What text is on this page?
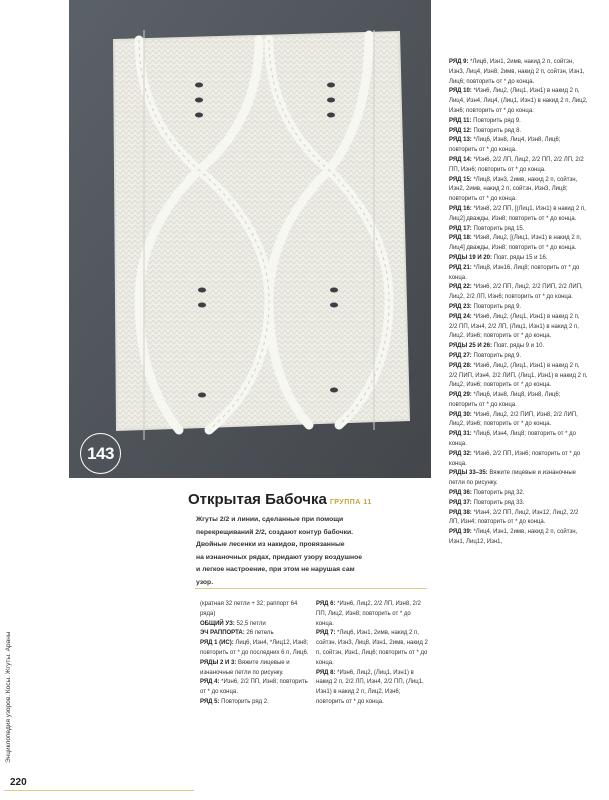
143
Открытая Бабочка ГРУППА 11

Жгуты 2/2 и линии, сделанные при помощи

перекрещиваний 2/2, создают контур бабочки.

Двойные лесенки из накидов, провязанные

на изнаночных рядах, придают узору воздушное

и легкое настроение, при этом не нарушая сам

узор.

(кратная 32 петли + 32; раппорт 64 ряда)
ОБЩИЙ УЗ: 52,5 петли
ЭЧ РАППОРТА: 26 петель
РЯД 1 (ИС): Лиц6, Изн4, *Лиц12, Изн8; повторить от * до последних 6 п, Лиц6.
РЯДЫ 2 И 3: Вяжите лицевые и изнаночные петли по рисунку.
РЯД 4: *Изн6, 2/2 ПП, Изн8; повторить от * до конца.
РЯД 5: Повторить ряд 2.
РЯД 6: *Изн6, Лиц2, 2/2 ЛП, Изн8, 2/2 ПП, Лиц2, Изн8; повторить от * до конца.
РЯД 7: *Лиц6, Изн1, 2имв, накид 2 п, сойтзн, Изн3, Лиц8, Изн1, 2имв, накид 2 п, сойтзн, Изн1, Лиц6; повторить от * до конца.
РЯД 8: *Изн6, Лиц2, (Лиц1, Изн1) в накид 2 п, 2/2 ЛП, Изн4, 2/2 ПП, (Лиц1, Изн1) в накид 2 п, Лиц2, Изн6; повторить от * до конца.
РЯД 9: *Лиц6, Изн1, 2имв, накид 2 п, сойтзн, Изн3, Лиц4, Изн8, 2имв, накид 2 п, сойтзн, Изн1, Лиц6; повторить от * до конца.
РЯД 10: *Изн6, Лиц2, (Лиц1, Изн1) в накид 2 п, Лиц4, Изн4, Лиц4, (Лиц1, Изн1) в накид 2 п, Лиц2, Изн6; повторить от * до конца.
РЯД 11: Повторить ряд 9.
РЯД 12: Повторить ряд 8.
РЯД 13: *Лиц6, Изн8, Лиц4, Изн8, Лиц6; повторить от * до конца.
РЯД 14: *Изн6, 2/2 ЛП, Лиц2, 2/2 ПП, 2/2 ЛП, 2/2 ПП, Изн6; повторить от * до конца.
РЯД 15: *Лиц8, Изн3, 2имв, накид 2 п, сойтзн, Изн2, 2имв, накид 2 п, сойтзн, Изн3, Лиц8; повторить от * до конца.
РЯД 16: *Изн8, 2/2 ПП, [(Лиц1, Изн1) в накид 2 п, Лиц2] дважды, Изн8; повторить от * до конца.
РЯД 17: Повторить ряд 15.
РЯД 18: *Изн8, Лиц2, [(Лиц1, Изн1) в накид 2 п, Лиц4] дважды, Изн8; повторить от * до конца.
РЯДЫ 19 И 20: Повт. ряды 15 и 16.
РЯД 21: *Лиц8, Изн16, Лиц8; повторить от * до конца.
РЯД 22: *Изн6, 2/2 ПП, Лиц2, 2/2 ПИП, 2/2 ЛИП, Лиц2, 2/2 ЛП, Изн6; повторить от * до конца.
РЯД 23: Повторить ряд 9.
РЯД 24: *Изн6, Лиц2, (Лиц1, Изн1) в накид 2 п, 2/2 ПП, Изн4, 2/2 ЛП, (Лиц1, Изн1) в накид 2 п, Лиц2, Изн6; повторить от * до конца.
РЯДЫ 25 И 26: Повт. ряды 9 и 10.
РЯД 27: Повторить ряд 9.
РЯД 28: *Изн6, Лиц2, (Лиц1, Изн1) в накид 2 п, 2/2 ПИП, Изн4, 2/2 ЛИП, (Лиц1, Изн1) в накид 2 п, Лиц2, Изн6; повторить от * до конца.
РЯД 29: *Лиц6, Изн8, Лиц8, Изн8, Лиц6; повторить от * до конца.
РЯД 30: *Изн6, Лиц2, 2/2 ПИП, Изн8, 2/2 ЛИП, Лиц2, Изн6; повторить от * до конца.
РЯД 31: *Лиц6, Изн4, Лиц8; повторить от * до конца.
РЯД 32: *Изн6, 2/2 ПП, Изн6; повторить от * до конца.
РЯДЫ 33–35: Вяжите лицевые и изнаночные петли по рисунку.
РЯД 36: Повторить ряд 32.
РЯД 37: Повторить ряд 33.
РЯД 38: *Изн4, 2/2 ПП, Лиц2, Изн12, Лиц2, 2/2 ЛП, Изн4; повторить от * до конца.
РЯД 39: *Лиц4, Изн1, 2имв, накид 2 п, сойтзн, Изн1, Лиц12, Изн1,
Энциклопедия узоров. Косы. Жгуты. Араны
220
